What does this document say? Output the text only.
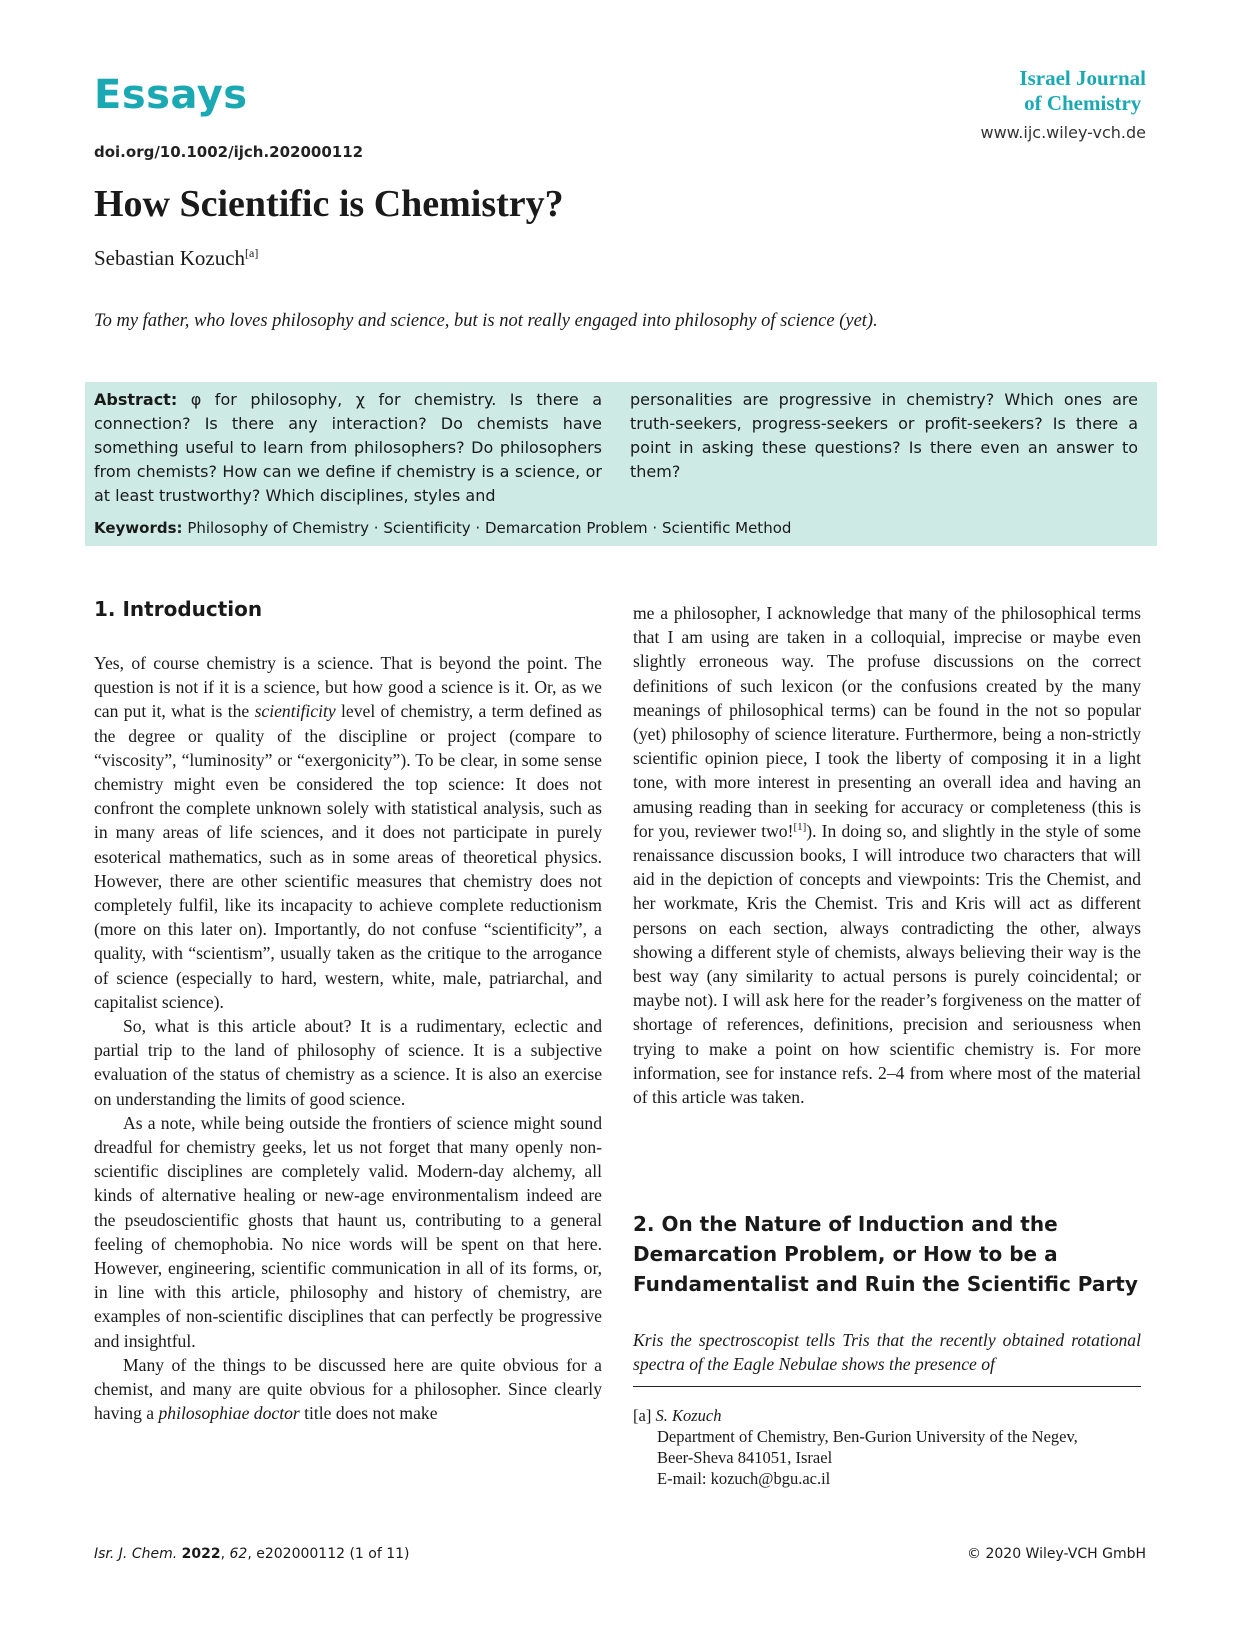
Essays
doi.org/10.1002/ijch.202000112
Israel Journal
of Chemistry
www.ijc.wiley-vch.de
How Scientific is Chemistry?
Sebastian Kozuch[a]
To my father, who loves philosophy and science, but is not really engaged into philosophy of science (yet).
Abstract: φ for philosophy, χ for chemistry. Is there a connection? Is there any interaction? Do chemists have something useful to learn from philosophers? Do philosophers from chemists? How can we define if chemistry is a science, or at least trustworthy? Which disciplines, styles and
personalities are progressive in chemistry? Which ones are truth-seekers, progress-seekers or profit-seekers? Is there a point in asking these questions? Is there even an answer to them?
Keywords: Philosophy of Chemistry · Scientificity · Demarcation Problem · Scientific Method
1. Introduction

Yes, of course chemistry is a science. That is beyond the point. The question is not if it is a science, but how good a science is it. Or, as we can put it, what is the scientificity level of chemistry, a term defined as the degree or quality of the discipline or project (compare to “viscosity”, “luminosity” or “exergonicity”). To be clear, in some sense chemistry might even be considered the top science: It does not confront the complete unknown solely with statistical analysis, such as in many areas of life sciences, and it does not participate in purely esoterical mathematics, such as in some areas of theoretical physics. However, there are other scientific measures that chemistry does not completely fulfil, like its incapacity to achieve complete reductionism (more on this later on). Importantly, do not confuse “scientificity”, a quality, with “scientism”, usually taken as the critique to the arrogance of science (especially to hard, western, white, male, patriarchal, and capitalist science).

So, what is this article about? It is a rudimentary, eclectic and partial trip to the land of philosophy of science. It is a subjective evaluation of the status of chemistry as a science. It is also an exercise on understanding the limits of good science.

As a note, while being outside the frontiers of science might sound dreadful for chemistry geeks, let us not forget that many openly non-scientific disciplines are completely valid. Modern-day alchemy, all kinds of alternative healing or new-age environmentalism indeed are the pseudoscientific ghosts that haunt us, contributing to a general feeling of chemophobia. No nice words will be spent on that here. However, engineering, scientific communication in all of its forms, or, in line with this article, philosophy and history of chemistry, are examples of non-scientific disciplines that can perfectly be progressive and insightful.

Many of the things to be discussed here are quite obvious for a chemist, and many are quite obvious for a philosopher. Since clearly having a philosophiae doctor title does not make

me a philosopher, I acknowledge that many of the philosophical terms that I am using are taken in a colloquial, imprecise or maybe even slightly erroneous way. The profuse discussions on the correct definitions of such lexicon (or the confusions created by the many meanings of philosophical terms) can be found in the not so popular (yet) philosophy of science literature. Furthermore, being a non-strictly scientific opinion piece, I took the liberty of composing it in a light tone, with more interest in presenting an overall idea and having an amusing reading than in seeking for accuracy or completeness (this is for you, reviewer two![1]). In doing so, and slightly in the style of some renaissance discussion books, I will introduce two characters that will aid in the depiction of concepts and viewpoints: Tris the Chemist, and her workmate, Kris the Chemist. Tris and Kris will act as different persons on each section, always contradicting the other, always showing a different style of chemists, always believing their way is the best way (any similarity to actual persons is purely coincidental; or maybe not). I will ask here for the reader’s forgiveness on the matter of shortage of references, definitions, precision and seriousness when trying to make a point on how scientific chemistry is. For more information, see for instance refs. 2–4 from where most of the material of this article was taken.

2. On the Nature of Induction and the Demarcation Problem, or How to be a Fundamentalist and Ruin the Scientific Party
Kris the spectroscopist tells Tris that the recently obtained rotational spectra of the Eagle Nebulae shows the presence of
[a] S. Kozuch
Department of Chemistry, Ben-Gurion University of the Negev,
Beer-Sheva 841051, Israel
E-mail: kozuch@bgu.ac.il
Isr. J. Chem. 2022, 62, e202000112 (1 of 11)	© 2020 Wiley-VCH GmbH
